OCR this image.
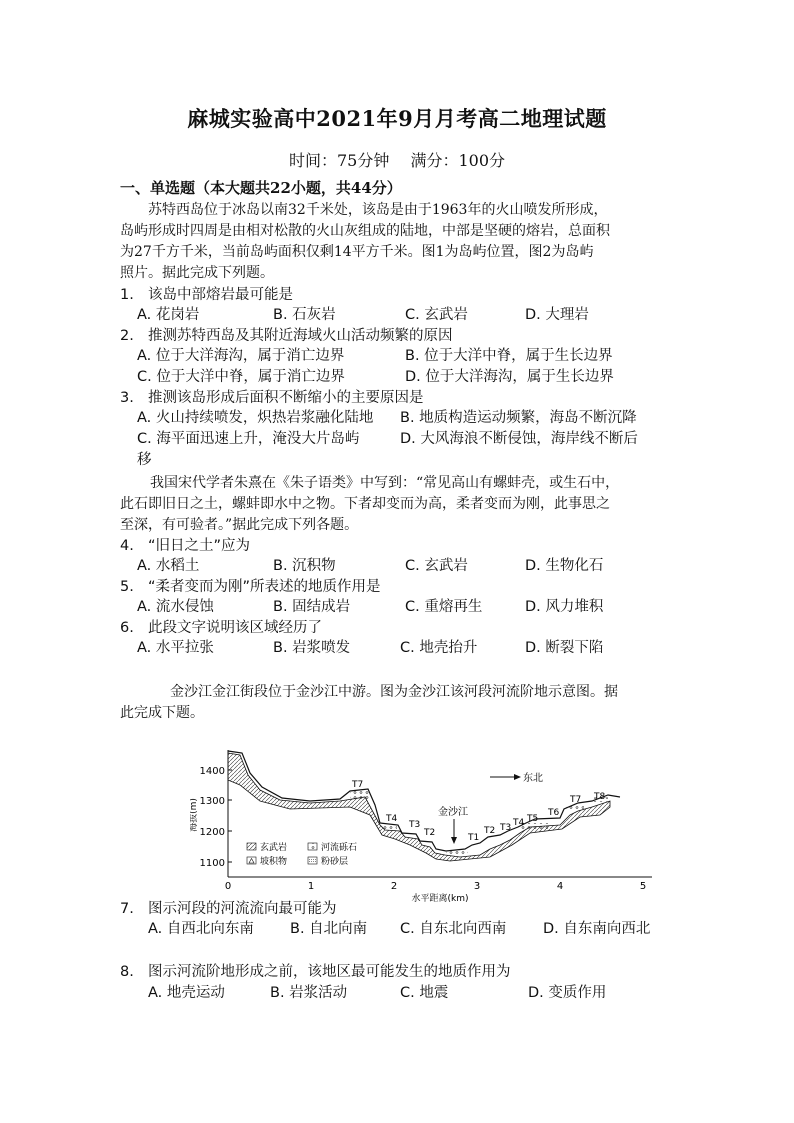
麻城实验高中2021年9月月考高二地理试题
时间：75分钟 满分：100分
一、单选题（本大题共22小题，共44分）
苏特西岛位于冰岛以南32千米处，该岛是由于1963年的火山喷发所形成，
岛屿形成时四周是由相对松散的火山灰组成的陆地，中部是坚硬的熔岩，总面积
为27千方千米，当前岛屿面积仅剩14平方千米。图1为岛屿位置，图2为岛屿
照片。据此完成下列题。
1. 该岛中部熔岩最可能是
A. 花岗岩	B. 石灰岩	C. 玄武岩	D. 大理岩
2. 推测苏特西岛及其附近海域火山活动频繁的原因
A. 位于大洋海沟，属于消亡边界	B. 位于大洋中脊，属于生长边界
C. 位于大洋中脊，属于消亡边界	D. 位于大洋海沟，属于生长边界
3. 推测该岛形成后面积不断缩小的主要原因是
A. 火山持续喷发，炽热岩浆融化陆地 B. 地质构造运动频繁，海岛不断沉降
C. 海平面迅速上升，淹没大片岛屿	D. 大风海浪不断侵蚀，海岸线不断后
移
我国宋代学者朱熹在《朱子语类》中写到：“常见高山有螺蚌壳，或生石中，
此石即旧日之土，螺蚌即水中之物。下者却变而为高，柔者变而为刚，此事思之
至深，有可验者。”据此完成下列各题。
4. “旧日之土”应为
A. 水稻土	B. 沉积物	C. 玄武岩	D. 生物化石
5. “柔者变而为刚”所表述的地质作用是
A. 流水侵蚀	B. 固结成岩	C. 重熔再生	D. 风力堆积
6. 此段文字说明该区域经历了
A. 水平拉张	B. 岩浆喷发	C. 地壳抬升	D. 断裂下陷
金沙江金江街段位于金沙江中游。图为金沙江该河段河流阶地示意图。据
此完成下题。
1400
1300
1200
1100
海拔(m)
0	1	2	3	4	5
水平距离(km)
T7
T4
T3
T2	T1
T2 T3 T4 T5
T6
T7 T8
金沙江
东北
玄武岩	河流砾石
坡积物	粉砂层
7. 图示河段的河流流向最可能为
A. 自西北向东南 B. 自北向南 C. 自东北向西南	D. 自东南向西北
8. 图示河流阶地形成之前，该地区最可能发生的地质作用为
A. 地壳运动	B. 岩浆活动	C. 地震	D. 变质作用
